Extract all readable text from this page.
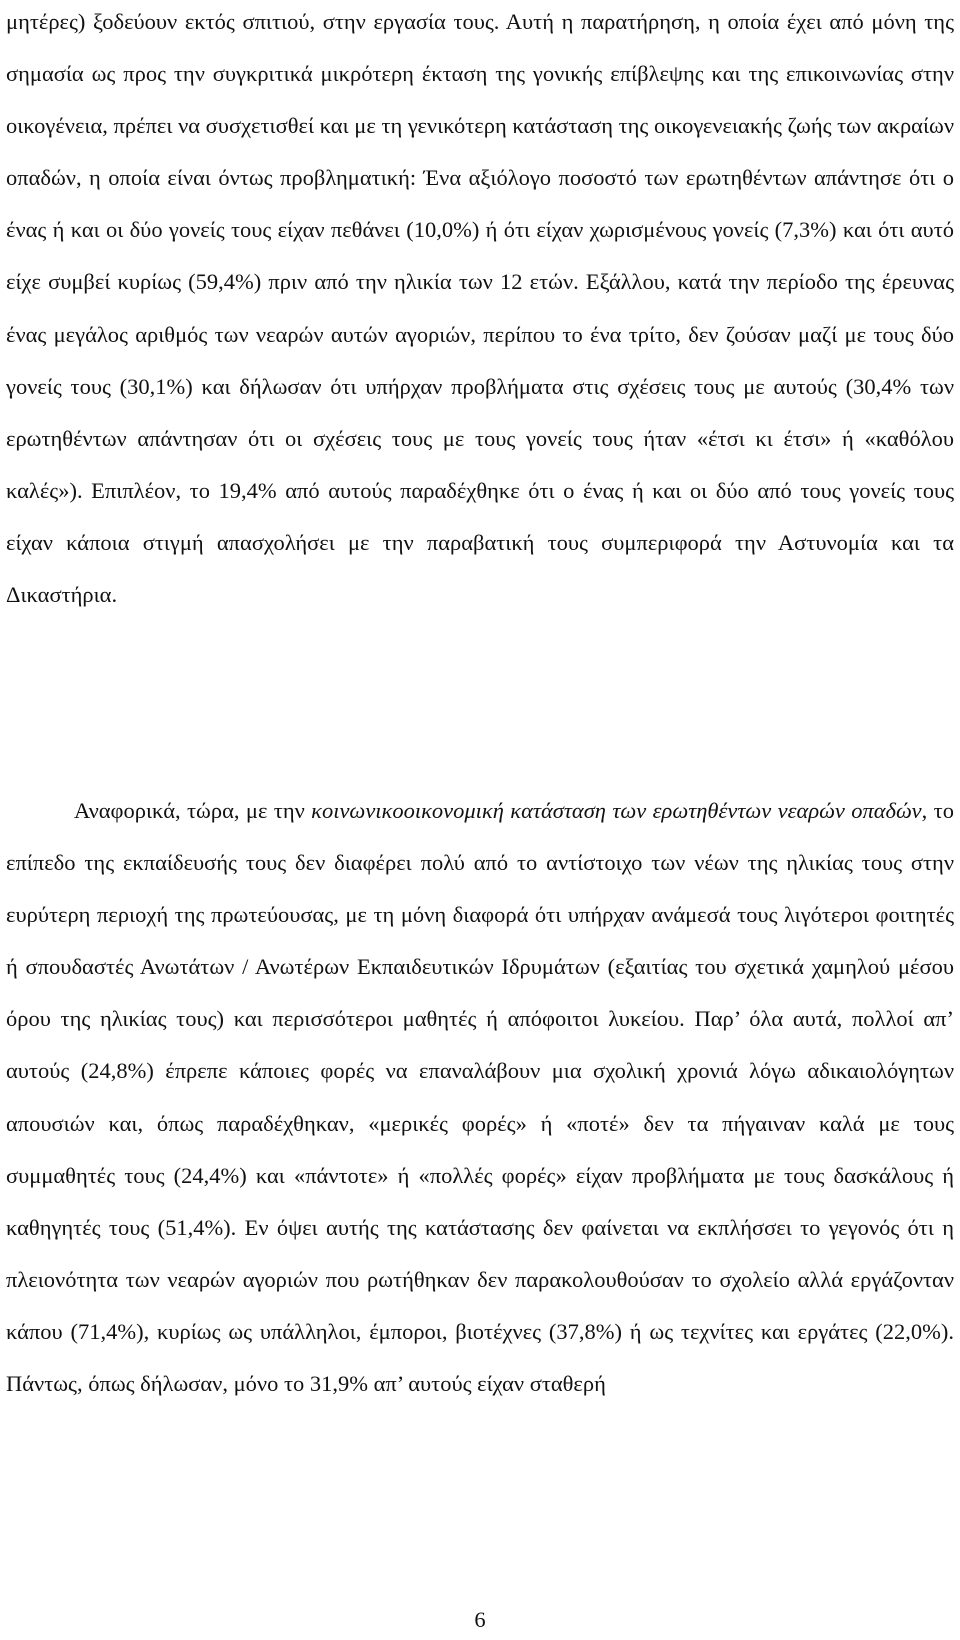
μητέρες) ξοδεύουν εκτός σπιτιού, στην εργασία τους. Αυτή η παρατήρηση, η οποία έχει από μόνη της σημασία ως προς την συγκριτικά μικρότερη έκταση της γονικής επίβλεψης και της επικοινωνίας στην οικογένεια, πρέπει να συσχετισθεί και με τη γενικότερη κατάσταση της οικογενειακής ζωής των ακραίων οπαδών, η οποία είναι όντως προβληματική: Ένα αξιόλογο ποσοστό των ερωτηθέντων απάντησε ότι ο ένας ή και οι δύο γονείς τους είχαν πεθάνει (10,0%) ή ότι είχαν χωρισμένους γονείς (7,3%) και ότι αυτό είχε συμβεί κυρίως (59,4%) πριν από την ηλικία των 12 ετών. Εξάλλου, κατά την περίοδο της έρευνας ένας μεγάλος αριθμός των νεαρών αυτών αγοριών, περίπου το ένα τρίτο, δεν ζούσαν μαζί με τους δύο γονείς τους (30,1%) και δήλωσαν ότι υπήρχαν προβλήματα στις σχέσεις τους με αυτούς (30,4% των ερωτηθέντων απάντησαν ότι οι σχέσεις τους με τους γονείς τους ήταν «έτσι κι έτσι» ή «καθόλου καλές»). Επιπλέον, το 19,4% από αυτούς παραδέχθηκε ότι ο ένας ή και οι δύο από τους γονείς τους είχαν κάποια στιγμή απασχολήσει με την παραβατική τους συμπεριφορά την Αστυνομία και τα Δικαστήρια.

Αναφορικά, τώρα, με την κοινωνικοοικονομική κατάσταση των ερωτηθέντων νεαρών οπαδών, το επίπεδο της εκπαίδευσής τους δεν διαφέρει πολύ από το αντίστοιχο των νέων της ηλικίας τους στην ευρύτερη περιοχή της πρωτεύουσας, με τη μόνη διαφορά ότι υπήρχαν ανάμεσά τους λιγότεροι φοιτητές ή σπουδαστές Ανωτάτων / Ανωτέρων Εκπαιδευτικών Ιδρυμάτων (εξαιτίας του σχετικά χαμηλού μέσου όρου της ηλικίας τους) και περισσότεροι μαθητές ή απόφοιτοι λυκείου. Παρ’ όλα αυτά, πολλοί απ’ αυτούς (24,8%) έπρεπε κάποιες φορές να επαναλάβουν μια σχολική χρονιά λόγω αδικαιολόγητων απουσιών και, όπως παραδέχθηκαν, «μερικές φορές» ή «ποτέ» δεν τα πήγαιναν καλά με τους συμμαθητές τους (24,4%) και «πάντοτε» ή «πολλές φορές» είχαν προβλήματα με τους δασκάλους ή καθηγητές τους (51,4%). Εν όψει αυτής της κατάστασης δεν φαίνεται να εκπλήσσει το γεγονός ότι η πλειονότητα των νεαρών αγοριών που ρωτήθηκαν δεν παρακολουθούσαν το σχολείο αλλά εργάζονταν κάπου (71,4%), κυρίως ως υπάλληλοι, έμποροι, βιοτέχνες (37,8%) ή ως τεχνίτες και εργάτες (22,0%). Πάντως, όπως δήλωσαν, μόνο το 31,9% απ’ αυτούς είχαν σταθερή

6
